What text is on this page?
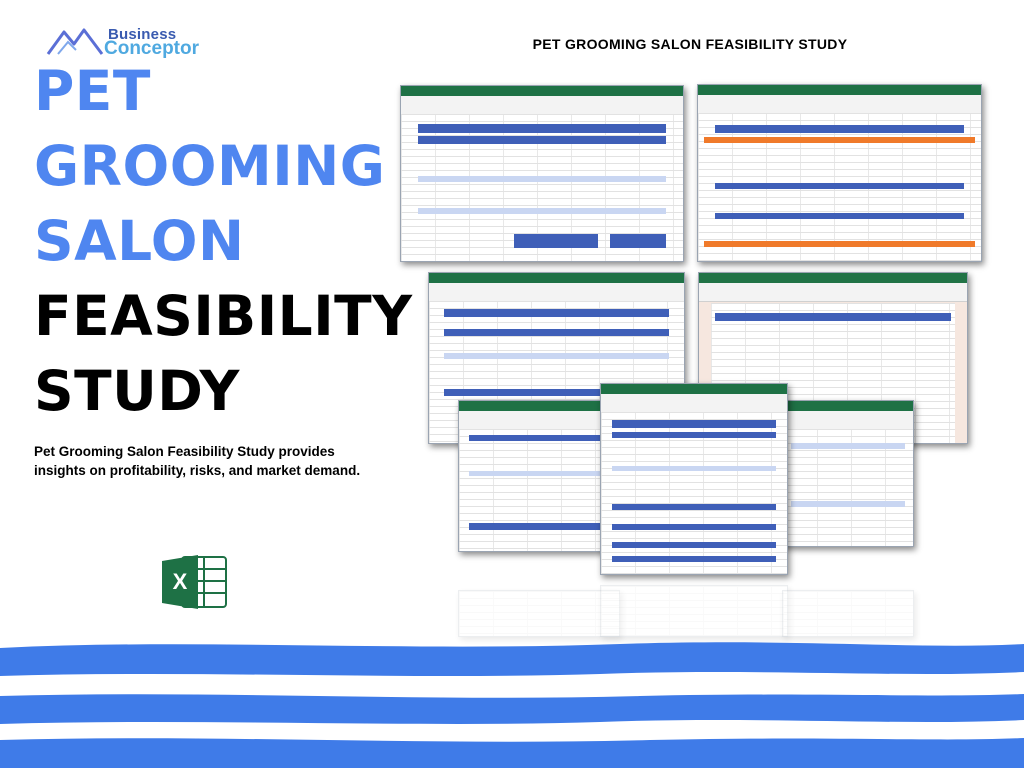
Business
Conceptor	PET GROOMING SALON FEASIBILITY STUDY
PET
GROOMING
SALON
FEASIBILITY
STUDY
Pet Grooming Salon Feasibility Study provides insights on profitability, risks, and market demand.
X
